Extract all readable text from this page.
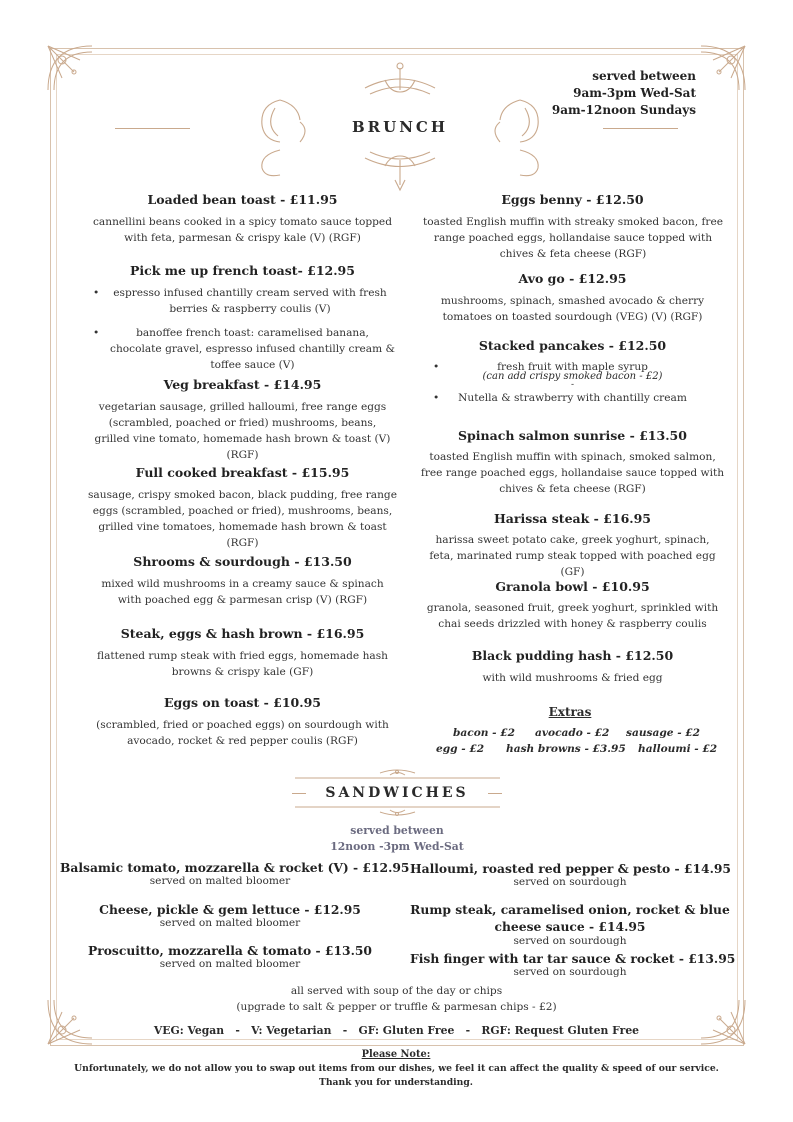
BRUNCH
served between
9am-3pm Wed-Sat
9am-12noon Sundays
Loaded bean toast - £11.95
cannellini beans cooked in a spicy tomato sauce topped with feta, parmesan & crispy kale (V) (RGF)
Pick me up french toast- £12.95
• espresso infused chantilly cream served with fresh berries & raspberry coulis (V)
• banoffee french toast: caramelised banana, chocolate gravel, espresso infused chantilly cream & toffee sauce (V)
Veg breakfast - £14.95
vegetarian sausage, grilled halloumi, free range eggs (scrambled, poached or fried) mushrooms, beans, grilled vine tomato, homemade hash brown & toast (V) (RGF)
Full cooked breakfast - £15.95
sausage, crispy smoked bacon, black pudding, free range eggs (scrambled, poached or fried), mushrooms, beans, grilled vine tomatoes, homemade hash brown & toast (RGF)
Shrooms & sourdough - £13.50
mixed wild mushrooms in a creamy sauce & spinach with poached egg & parmesan crisp (V) (RGF)
Steak, eggs & hash brown - £16.95
flattened rump steak with fried eggs, homemade hash browns & crispy kale (GF)
Eggs on toast - £10.95
(scrambled, fried or poached eggs) on sourdough with avocado, rocket & red pepper coulis (RGF)
Eggs benny - £12.50
toasted English muffin with streaky smoked bacon, free range poached eggs, hollandaise sauce topped with chives & feta cheese (RGF)
Avo go - £12.95
mushrooms, spinach, smashed avocado & cherry tomatoes on toasted sourdough (VEG) (V) (RGF)
Stacked pancakes - £12.50
• fresh fruit with maple syrup
(can add crispy smoked bacon - £2)
-
• Nutella & strawberry with chantilly cream
Spinach salmon sunrise - £13.50
toasted English muffin with spinach, smoked salmon, free range poached eggs, hollandaise sauce topped with chives & feta cheese (RGF)
Harissa steak - £16.95
harissa sweet potato cake, greek yoghurt, spinach, feta, marinated rump steak topped with poached egg (GF)
Granola bowl - £10.95
granola, seasoned fruit, greek yoghurt, sprinkled with chai seeds drizzled with honey & raspberry coulis
Black pudding hash - £12.50
with wild mushrooms & fried egg
Extras
bacon - £2 avocado - £2 sausage - £2
egg - £2 hash browns - £3.95 halloumi - £2
SANDWICHES
served between
12noon -3pm Wed-Sat
Balsamic tomato, mozzarella & rocket (V) - £12.95
served on malted bloomer
Cheese, pickle & gem lettuce - £12.95
served on malted bloomer
Proscuitto, mozzarella & tomato - £13.50
served on malted bloomer
Halloumi, roasted red pepper & pesto - £14.95
served on sourdough
Rump steak, caramelised onion, rocket & blue
cheese sauce - £14.95
served on sourdough
Fish finger with tar tar sauce & rocket - £13.95
served on sourdough
all served with soup of the day or chips
(upgrade to salt & pepper or truffle & parmesan chips - £2)
VEG: Vegan   -   V: Vegetarian   -   GF: Gluten Free   -   RGF: Request Gluten Free
Please Note:
Unfortunately, we do not allow you to swap out items from our dishes, we feel it can affect the quality & speed of our service.
Thank you for understanding.
